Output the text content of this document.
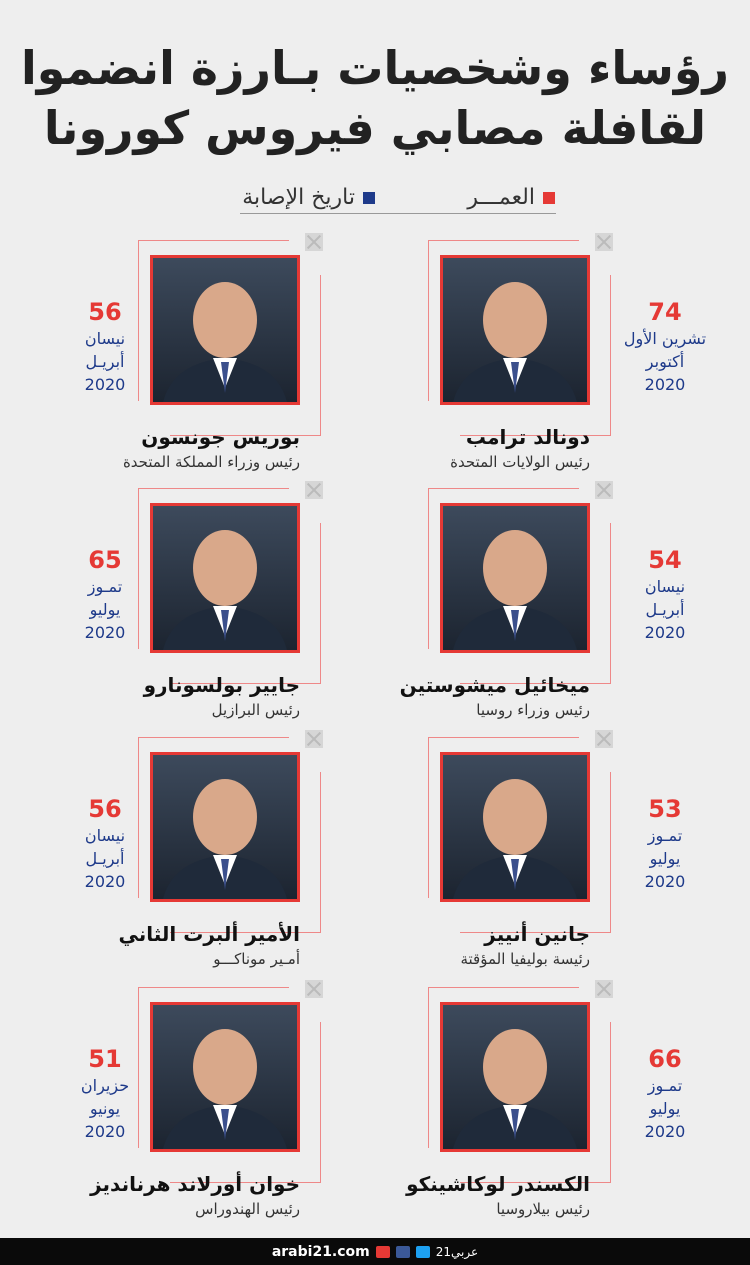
رؤساء وشخصيات بـارزة انضموا
لقافلة مصابي فيروس كورونا
العمـــر
تاريخ الإصابة
دونالد ترامب
رئيس الولايات المتحدة
74
تشرين الأول
أكتوبر
2020
بوريس جونسون
رئيس وزراء المملكة المتحدة
56
نيسان
أبريـل
2020
ميخائيل ميشوستين
رئيس وزراء روسيا
54
نيسان
أبريـل
2020
جايير بولسونارو
رئيس البرازيل
65
تمـوز
يوليو
2020
جانين أنييز
رئيسة بوليفيا المؤقتة
53
تمـوز
يوليو
2020
الأمير ألبرت الثاني
أمـير موناكـــو
56
نيسان
أبريـل
2020
الكسندر لوكاشينكو
رئيس بيلاروسيا
66
تمـوز
يوليو
2020
خوان أورلاند هرنانديز
رئيس الهندوراس
51
حزيران
يونيو
2020
arabi21.com	عربي21
